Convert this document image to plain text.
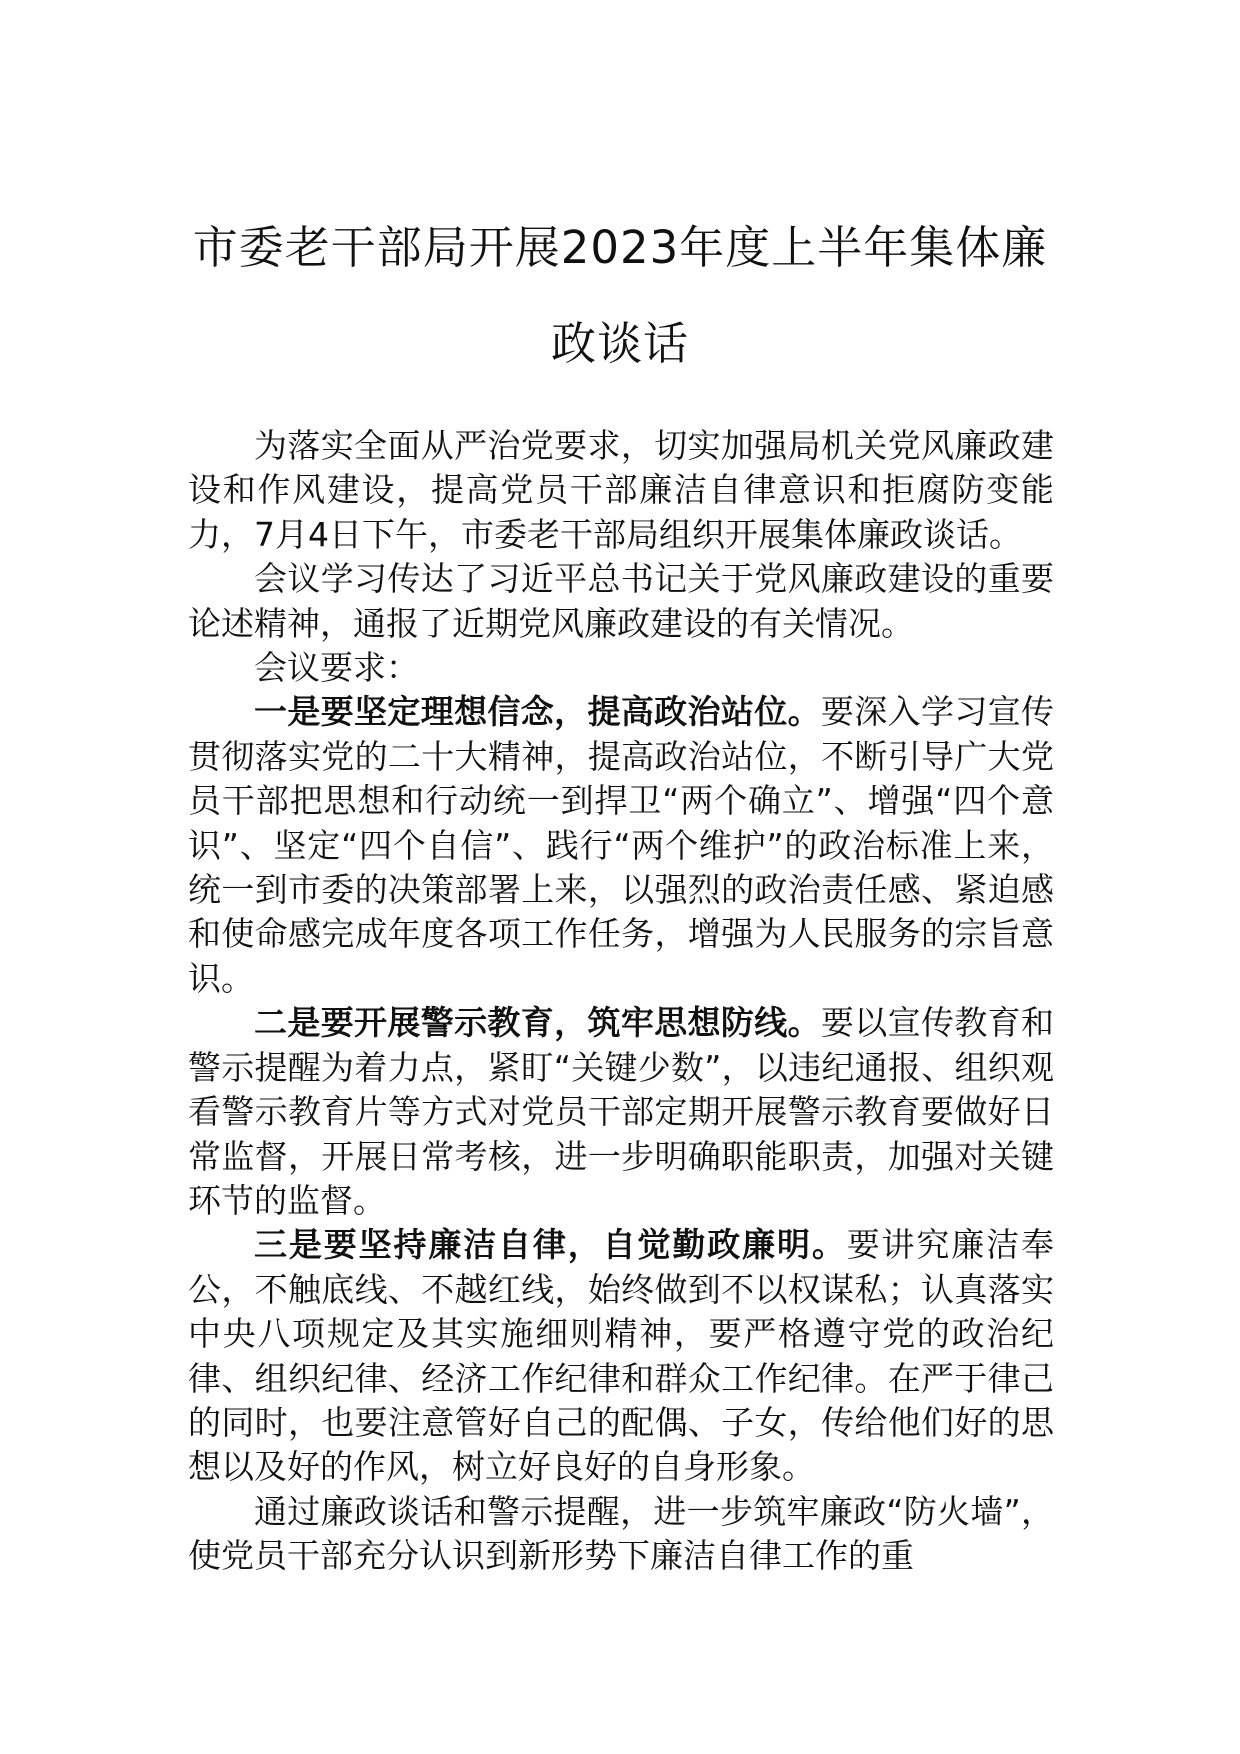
市委老干部局开展2023年度上半年集体廉
政谈话

为落实全面从严治党要求，切实加强局机关党风廉政建设和作风建设，提高党员干部廉洁自律意识和拒腐防变能力，7月4日下午，市委老干部局组织开展集体廉政谈话。

会议学习传达了习近平总书记关于党风廉政建设的重要论述精神，通报了近期党风廉政建设的有关情况。

会议要求：

一是要坚定理想信念，提高政治站位。要深入学习宣传贯彻落实党的二十大精神，提高政治站位，不断引导广大党员干部把思想和行动统一到捍卫“两个确立”、增强“四个意识”、坚定“四个自信”、践行“两个维护”的政治标准上来，统一到市委的决策部署上来，以强烈的政治责任感、紧迫感和使命感完成年度各项工作任务，增强为人民服务的宗旨意识。

二是要开展警示教育，筑牢思想防线。要以宣传教育和警示提醒为着力点，紧盯“关键少数”，以违纪通报、组织观看警示教育片等方式对党员干部定期开展警示教育要做好日常监督，开展日常考核，进一步明确职能职责，加强对关键环节的监督。

三是要坚持廉洁自律，自觉勤政廉明。要讲究廉洁奉公，不触底线、不越红线，始终做到不以权谋私；认真落实中央八项规定及其实施细则精神，要严格遵守党的政治纪律、组织纪律、经济工作纪律和群众工作纪律。在严于律己的同时，也要注意管好自己的配偶、子女，传给他们好的思想以及好的作风，树立好良好的自身形象。

通过廉政谈话和警示提醒，进一步筑牢廉政“防火墙”，使党员干部充分认识到新形势下廉洁自律工作的重
